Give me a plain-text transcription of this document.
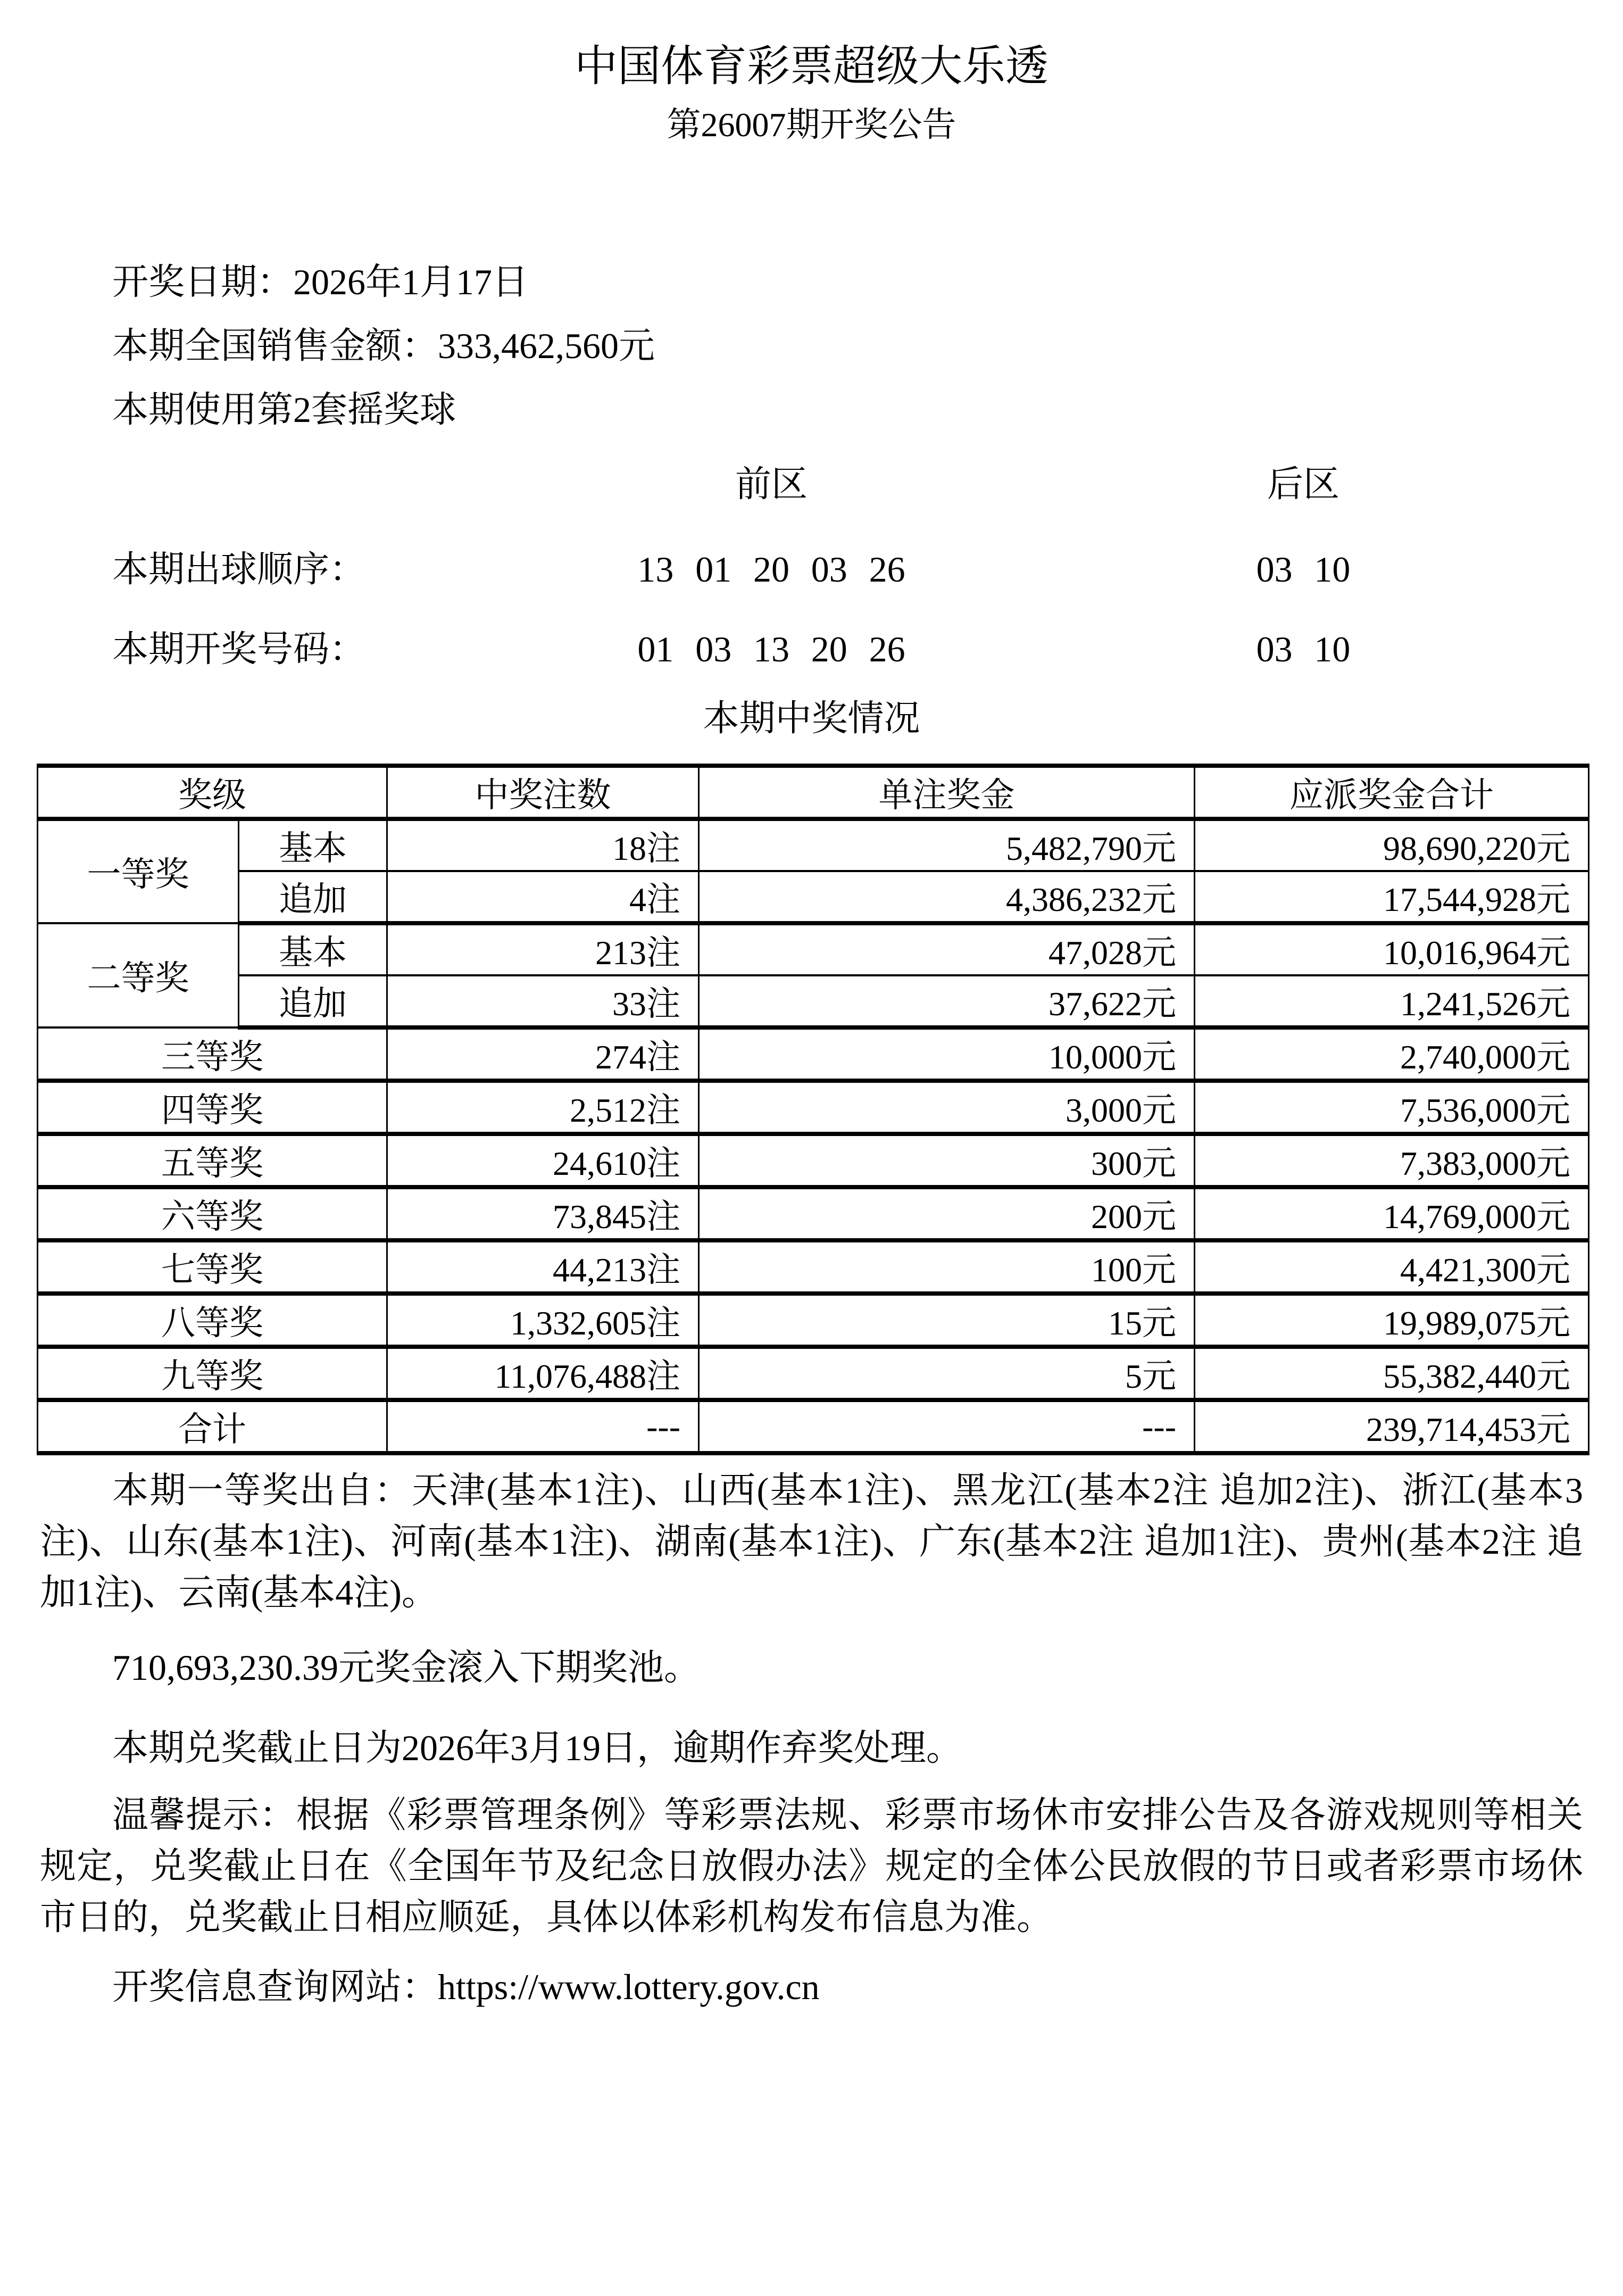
中国体育彩票超级大乐透
第26007期开奖公告

开奖日期：2026年1月17日

本期全国销售金额：333,462,560元

本期使用第2套摇奖球

前区	后区
本期出球顺序：	13 01 20 03 26	03 10
本期开奖号码：	01 03 13 20 26	03 10
本期中奖情况
奖级		中奖注数	单注奖金	应派奖金合计
一等奖	基本	18注	5,482,790元	98,690,220元
	追加	4注	4,386,232元	17,544,928元
二等奖	基本	213注	47,028元	10,016,964元
	追加	33注	37,622元	1,241,526元
三等奖		274注	10,000元	2,740,000元
四等奖		2,512注	3,000元	7,536,000元
五等奖		24,610注	300元	7,383,000元
六等奖		73,845注	200元	14,769,000元
七等奖		44,213注	100元	4,421,300元
八等奖		1,332,605注	15元	19,989,075元
九等奖		11,076,488注	5元	55,382,440元
合计		---	---	239,714,453元

本期一等奖出自：天津(基本1注)、山西(基本1注)、黑龙江(基本2注 追加2注)、浙江(基本3注)、山东(基本1注)、河南(基本1注)、湖南(基本1注)、广东(基本2注 追加1注)、贵州(基本2注 追加1注)、云南(基本4注)。

710,693,230.39元奖金滚入下期奖池。

本期兑奖截止日为2026年3月19日，逾期作弃奖处理。

温馨提示：根据《彩票管理条例》等彩票法规、彩票市场休市安排公告及各游戏规则等相关规定，兑奖截止日在《全国年节及纪念日放假办法》规定的全体公民放假的节日或者彩票市场休市日的，兑奖截止日相应顺延，具体以体彩机构发布信息为准。

开奖信息查询网站：https://www.lottery.gov.cn
